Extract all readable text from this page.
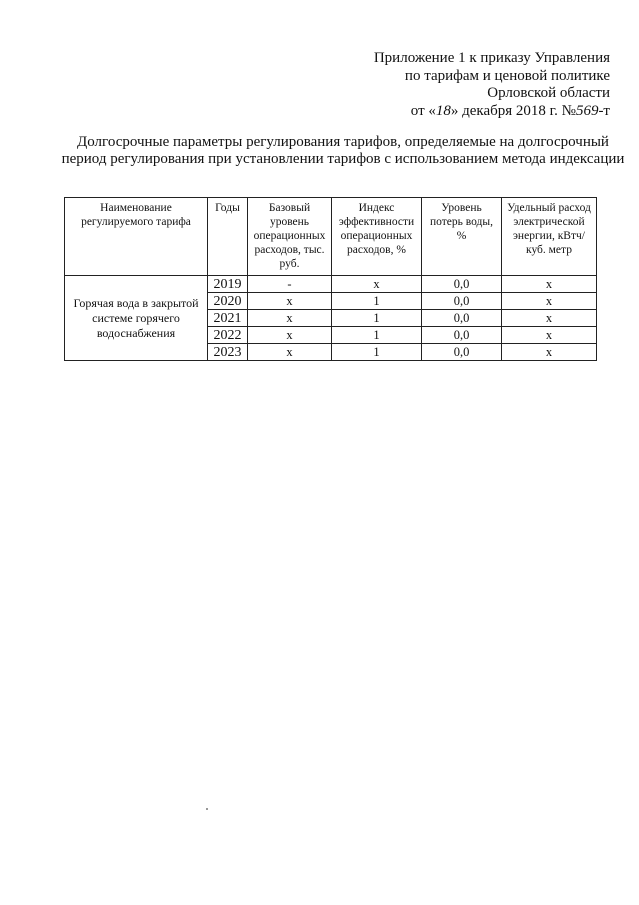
Приложение 1 к приказу Управления
по тарифам и ценовой политике
Орловской области
от «18» декабря 2018 г. №569-т
Долгосрочные параметры регулирования тарифов, определяемые на долгосрочный период регулирования при установлении тарифов с использованием метода индексации
Наименование регулируемого тарифа	Годы	Базовый уровень операционных расходов, тыс. руб.	Индекс эффективности операционных расходов, %	Уровень потерь воды, %	Удельный расход электрической энергии, кВтч/куб. метр
Горячая вода в закрытой системе горячего водоснабжения	2019	-	х	0,0	х
	2020	х	1	0,0	х
	2021	х	1	0,0	х
	2022	х	1	0,0	х
	2023	х	1	0,0	х
